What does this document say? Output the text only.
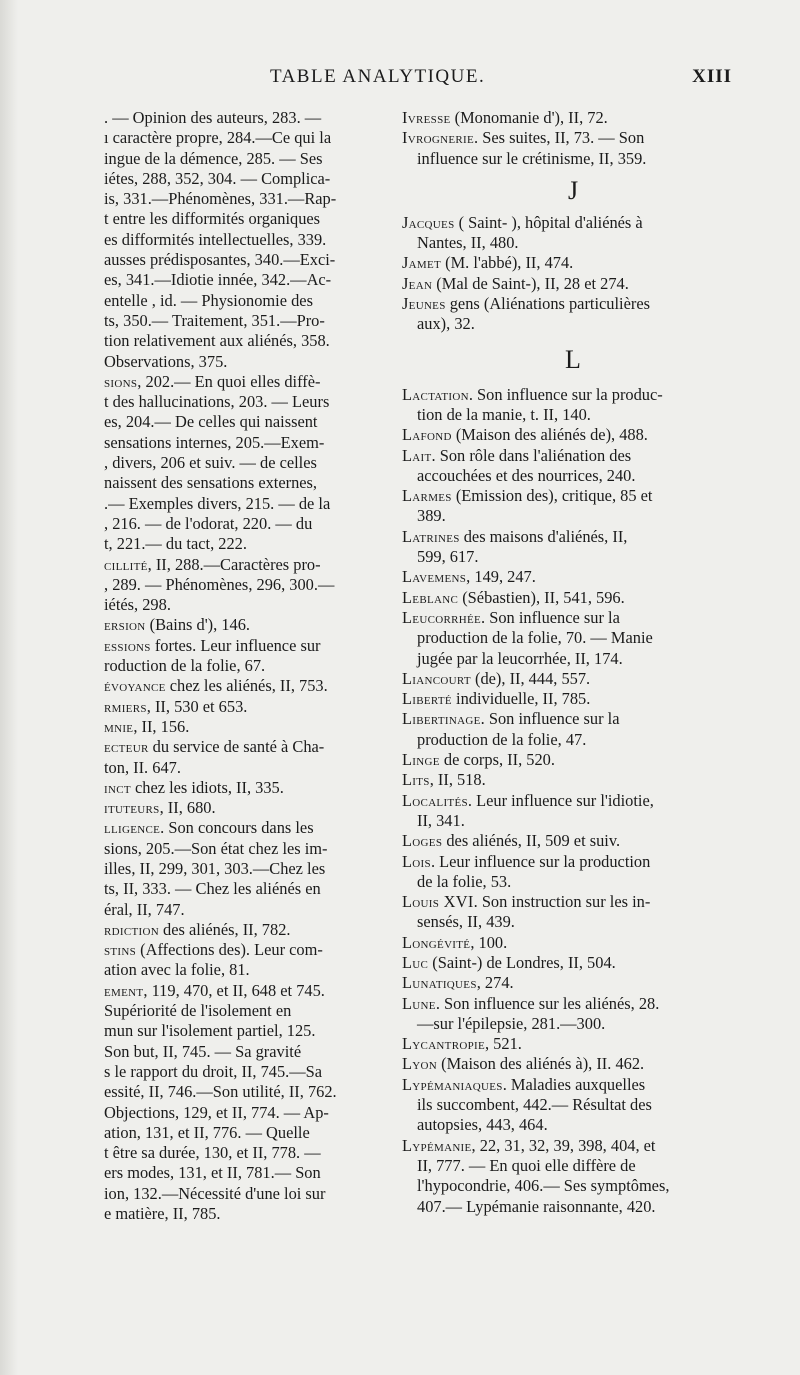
TABLE ANALYTIQUE.	XIII
. — Opinion des auteurs, 283. —
ı caractère propre, 284.—Ce qui la
ingue de la démence, 285. — Ses
iétes, 288, 352, 304. — Complica-
is, 331.—Phénomènes, 331.—Rap-
t entre les difformités organiques
es difformités intellectuelles, 339.
ausses prédisposantes, 340.—Exci-
es, 341.—Idiotie innée, 342.—Ac-
entelle , id. — Physionomie des
ts, 350.— Traitement, 351.—Pro-
tion relativement aux aliénés, 358.
Observations, 375.
sions, 202.— En quoi elles diffè-
t des hallucinations, 203. — Leurs
es, 204.— De celles qui naissent
sensations internes, 205.—Exem-
, divers, 206 et suiv. — de celles
naissent des sensations externes,
.— Exemples divers, 215. — de la
, 216. — de l'odorat, 220. — du
t, 221.— du tact, 222.
cillité, II, 288.—Caractères pro-
, 289. — Phénomènes, 296, 300.—
iétés, 298.
ersion (Bains d'), 146.
essions fortes. Leur influence sur
roduction de la folie, 67.
évoyance chez les aliénés, II, 753.
rmiers, II, 530 et 653.
mnie, II, 156.
ecteur du service de santé à Cha-
ton, II. 647.
inct chez les idiots, II, 335.
ituteurs, II, 680.
lligence. Son concours dans les
sions, 205.—Son état chez les im-
illes, II, 299, 301, 303.—Chez les
ts, II, 333. — Chez les aliénés en
éral, II, 747.
rdiction des aliénés, II, 782.
stins (Affections des). Leur com-
ation avec la folie, 81.
ement, 119, 470, et II, 648 et 745.
Supériorité de l'isolement en
mun sur l'isolement partiel, 125.
Son but, II, 745. — Sa gravité
s le rapport du droit, II, 745.—Sa
essité, II, 746.—Son utilité, II, 762.
Objections, 129, et II, 774. — Ap-
ation, 131, et II, 776. — Quelle
t être sa durée, 130, et II, 778. —
ers modes, 131, et II, 781.— Son
ion, 132.—Nécessité d'une loi sur
e matière, II, 785.
Ivresse (Monomanie d'), II, 72.
Ivrognerie. Ses suites, II, 73. — Son
influence sur le crétinisme, II, 359.
J
Jacques ( Saint- ), hôpital d'aliénés à
Nantes, II, 480.
Jamet (M. l'abbé), II, 474.
Jean (Mal de Saint-), II, 28 et 274.
Jeunes gens (Aliénations particulières
aux), 32.
L
Lactation. Son influence sur la produc-
tion de la manie, t. II, 140.
Lafond (Maison des aliénés de), 488.
Lait. Son rôle dans l'aliénation des
accouchées et des nourrices, 240.
Larmes (Emission des), critique, 85 et
389.
Latrines des maisons d'aliénés, II,
599, 617.
Lavemens, 149, 247.
Leblanc (Sébastien), II, 541, 596.
Leucorrhée. Son influence sur la
production de la folie, 70. — Manie
jugée par la leucorrhée, II, 174.
Liancourt (de), II, 444, 557.
Liberté individuelle, II, 785.
Libertinage. Son influence sur la
production de la folie, 47.
Linge de corps, II, 520.
Lits, II, 518.
Localités. Leur influence sur l'idiotie,
II, 341.
Loges des aliénés, II, 509 et suiv.
Lois. Leur influence sur la production
de la folie, 53.
Louis XVI. Son instruction sur les in-
sensés, II, 439.
Longévité, 100.
Luc (Saint-) de Londres, II, 504.
Lunatiques, 274.
Lune. Son influence sur les aliénés, 28.
—sur l'épilepsie, 281.—300.
Lycantropie, 521.
Lyon (Maison des aliénés à), II. 462.
Lypémaniaques. Maladies auxquelles
ils succombent, 442.— Résultat des
autopsies, 443, 464.
Lypémanie, 22, 31, 32, 39, 398, 404, et
II, 777. — En quoi elle diffère de
l'hypocondrie, 406.— Ses symptômes,
407.— Lypémanie raisonnante, 420.
